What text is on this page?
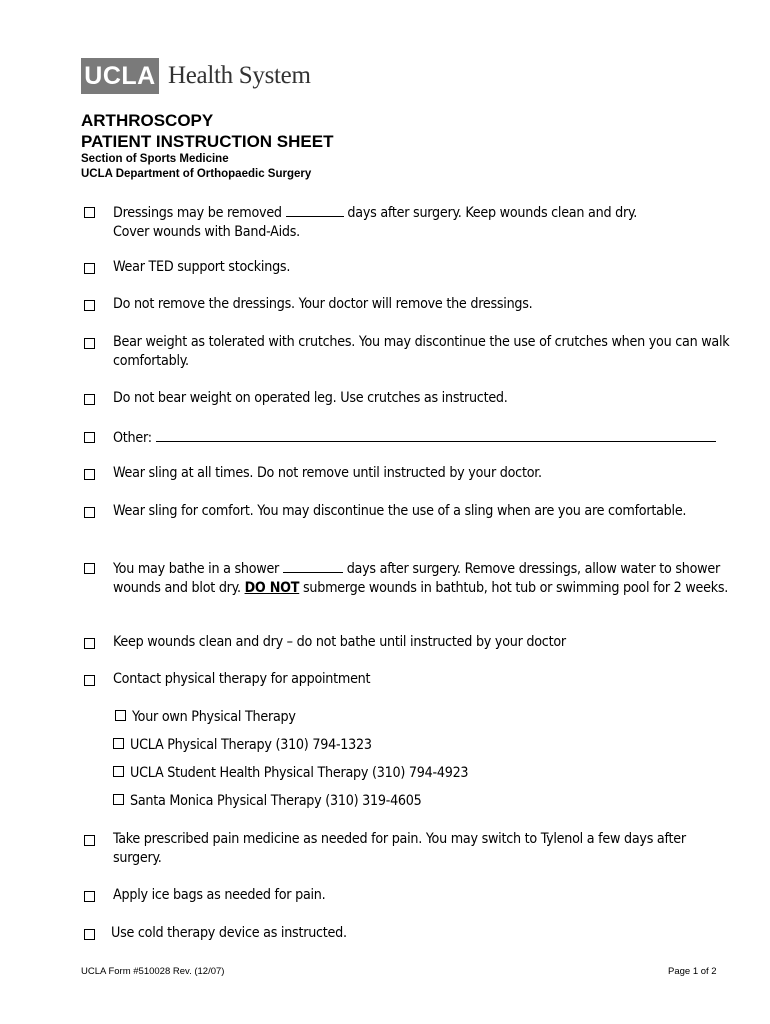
UCLA Health System
ARTHROSCOPY
PATIENT INSTRUCTION SHEET
Section of Sports Medicine
UCLA Department of Orthopaedic Surgery
Dressings may be removed	days after surgery. Keep wounds clean and dry.
Cover wounds with Band-Aids.
Wear TED support stockings.
Do not remove the dressings. Your doctor will remove the dressings.
Bear weight as tolerated with crutches. You may discontinue the use of crutches when you can walk comfortably.
Do not bear weight on operated leg. Use crutches as instructed.
Other:
Wear sling at all times. Do not remove until instructed by your doctor.
Wear sling for comfort. You may discontinue the use of a sling when are you are comfortable.
You may bathe in a shower	days after surgery. Remove dressings, allow water to shower wounds and blot dry. DO NOT submerge wounds in bathtub, hot tub or swimming pool for 2 weeks.
Keep wounds clean and dry – do not bathe until instructed by your doctor
Contact physical therapy for appointment
Your own Physical Therapy
UCLA Physical Therapy (310) 794-1323
UCLA Student Health Physical Therapy (310) 794-4923
Santa Monica Physical Therapy (310) 319-4605
Take prescribed pain medicine as needed for pain. You may switch to Tylenol a few days after surgery.
Apply ice bags as needed for pain.
Use cold therapy device as instructed.
UCLA Form #510028 Rev. (12/07)	Page 1 of 2
